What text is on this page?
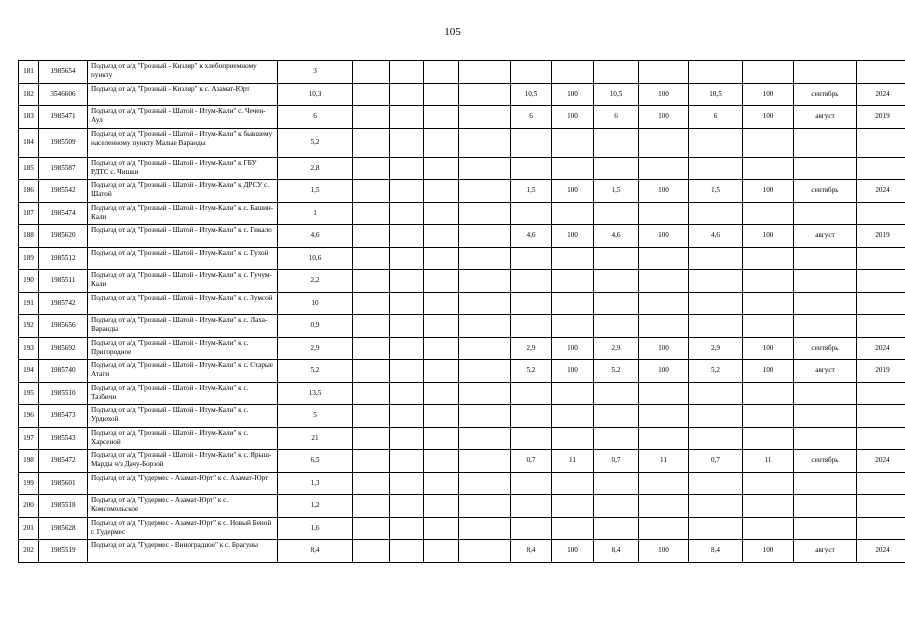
105
181	1985654	Подъезд от а/д "Грозный - Кизляр" к хлебоприемному пункту	3												
182	3546606	Подъезд от а/д "Грозный - Кизляр" к с. Азамат-Юрт	10,3					10,5	100	10,5	100	10,5	100	сентябрь	2024
183	1985471	Подъезд от а/д "Грозный - Шатой - Итум-Кали" с. Чечен-Аул	6					6	100	6	100	6	100	август	2019
184	1985509	Подъезд от а/д "Грозный - Шатой - Итум-Кали" к бывшему населенному пункту Малые Варанды	5,2												
185	1985587	Подъезд от а/д "Грозный - Шатой - Итум-Кали" к ГБУ РДТС с. Чишки	2,8												
186	1985542	Подъезд от а/д "Грозный - Шатой - Итум-Кали" к ДРСУ с. Шатой	1,5					1,5	100	1,5	100	1,5	100	сентябрь	2024
187	1985474	Подъезд от а/д "Грозный - Шатой - Итум-Кали" к с. Башин-Кали	1												
188	1985620	Подъезд от а/д "Грозный - Шатой - Итум-Кали" к с. Гикало	4,6					4,6	100	4,6	100	4,6	100	август	2019
189	1985512	Подъезд от а/д "Грозный - Шатой - Итум-Кали" к с. Гухой	10,6												
190	1985511	Подъезд от а/д "Грозный - Шатой - Итум-Кали" к с. Гучум-Кали	2,2												
191	1985742	Подъезд от а/д "Грозный - Шатой - Итум-Кали" к с. Зумсой	10												
192	1985656	Подъезд от а/д "Грозный - Шатой - Итум-Кали" к с. Лаха-Варанды	0,9												
193	1985692	Подъезд от а/д "Грозный - Шатой - Итум-Кали" к с. Пригородное	2,9					2,9	100	2,9	100	2,9	100	сентябрь	2024
194	1985740	Подъезд от а/д "Грозный - Шатой - Итум-Кали" к с. Старые Атаги	5,2					5,2	100	5,2	100	5,2	100	август	2019
195	1985510	Подъезд от а/д "Грозный - Шатой - Итум-Кали" к с. Тазбичи	13,5												
196	1985473	Подъезд от а/д "Грозный - Шатой - Итум-Кали" к с. Урдюхой	5												
197	1985543	Подъезд от а/д "Грозный - Шатой - Итум-Кали" к с. Харсеной	21												
198	1985472	Подъезд от а/д "Грозный - Шатой - Итум-Кали" к с. Ярыш-Марды ч/з Дачу-Борзой	6,5					0,7	11	0,7	11	0,7	11	сентябрь	2024
199	1985601	Подъезд от а/д "Гудермес - Азамат-Юрт" к с. Азамат-Юрт	1,3												
200	1985518	Подъезд от а/д "Гудермес - Азамат-Юрт" к с. Комсомольское	1,2												
201	1985628	Подъезд от а/д "Гудермес - Азамат-Юрт" к с. Новый Беной г. Гудермес	1,6												
202	1985519	Подъезд от а/д "Гудермес - Виноградное" к с. Брагуны	8,4					8,4	100	8,4	100	8,4	100	август	2024
